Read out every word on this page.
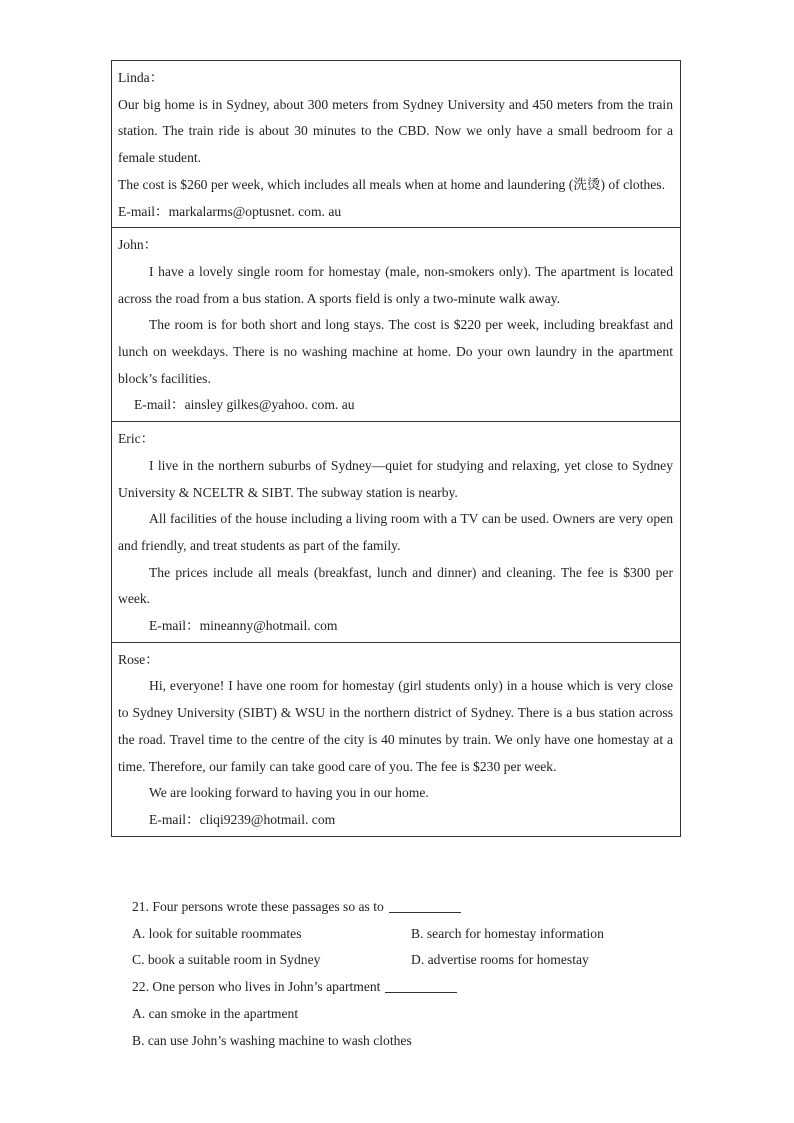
Linda：
Our big home is in Sydney, about 300 meters from Sydney University and 450 meters from the train station. The train ride is about 30 minutes to the CBD. Now we only have a small bedroom for a female student.
The cost is $260 per week, which includes all meals when at home and laundering (洗烫) of clothes.
E-mail：markalarms@optusnet. com. au
John：
I have a lovely single room for homestay (male, non-smokers only). The apartment is located across the road from a bus station. A sports field is only a two-minute walk away.
The room is for both short and long stays. The cost is $220 per week, including breakfast and lunch on weekdays. There is no washing machine at home. Do your own laundry in the apartment block’s facilities.
E-mail：ainsley gilkes@yahoo. com. au
Eric：
I live in the northern suburbs of Sydney—quiet for studying and relaxing, yet close to Sydney University & NCELTR & SIBT. The subway station is nearby.
All facilities of the house including a living room with a TV can be used. Owners are very open and friendly, and treat students as part of the family.
The prices include all meals (breakfast, lunch and dinner) and cleaning. The fee is $300 per week.
E-mail：mineanny@hotmail. com
Rose：
Hi, everyone! I have one room for homestay (girl students only) in a house which is very close to Sydney University (SIBT) & WSU in the northern district of Sydney. There is a bus station across the road. Travel time to the centre of the city is 40 minutes by train. We only have one homestay at a time. Therefore, our family can take good care of you. The fee is $230 per week.
We are looking forward to having you in our home.
E-mail：cliqi9239@hotmail. com
21. Four persons wrote these passages so as to
A. look for suitable roommates	B. search for homestay information
C. book a suitable room in Sydney	D. advertise rooms for homestay
22. One person who lives in John’s apartment
A. can smoke in the apartment
B. can use John’s washing machine to wash clothes
